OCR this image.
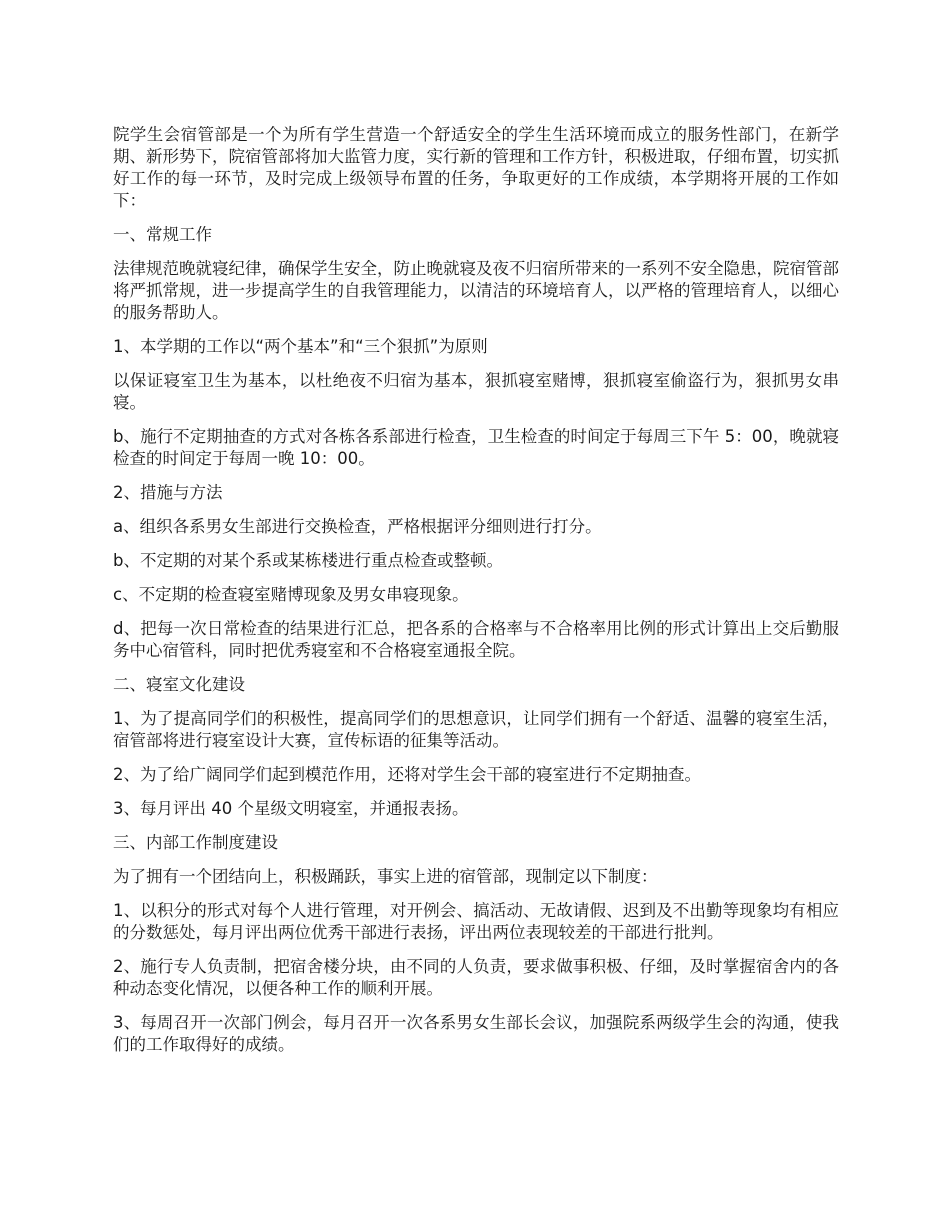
院学生会宿管部是一个为所有学生营造一个舒适安全的学生生活环境而成立的服务性部门，在新学期、新形势下，院宿管部将加大监管力度，实行新的管理和工作方针，积极进取，仔细布置，切实抓好工作的每一环节，及时完成上级领导布置的任务，争取更好的工作成绩，本学期将开展的工作如下：

一、常规工作

法律规范晚就寝纪律，确保学生安全，防止晚就寝及夜不归宿所带来的一系列不安全隐患，院宿管部将严抓常规，进一步提高学生的自我管理能力，以清洁的环境培育人，以严格的管理培育人，以细心的服务帮助人。

1、本学期的工作以“两个基本”和“三个狠抓”为原则

以保证寝室卫生为基本，以杜绝夜不归宿为基本，狠抓寝室赌博，狠抓寝室偷盗行为，狠抓男女串寝。

b、施行不定期抽查的方式对各栋各系部进行检查，卫生检查的时间定于每周三下午 5：00，晚就寝检查的时间定于每周一晚 10：00。

2、措施与方法

a、组织各系男女生部进行交换检查，严格根据评分细则进行打分。

b、不定期的对某个系或某栋楼进行重点检查或整顿。

c、不定期的检查寝室赌博现象及男女串寝现象。

d、把每一次日常检查的结果进行汇总，把各系的合格率与不合格率用比例的形式计算出上交后勤服务中心宿管科，同时把优秀寝室和不合格寝室通报全院。

二、寝室文化建设

1、为了提高同学们的积极性，提高同学们的思想意识，让同学们拥有一个舒适、温馨的寝室生活，宿管部将进行寝室设计大赛，宣传标语的征集等活动。

2、为了给广阔同学们起到模范作用，还将对学生会干部的寝室进行不定期抽查。

3、每月评出 40 个星级文明寝室，并通报表扬。

三、内部工作制度建设

为了拥有一个团结向上，积极踊跃，事实上进的宿管部，现制定以下制度：

1、以积分的形式对每个人进行管理，对开例会、搞活动、无故请假、迟到及不出勤等现象均有相应的分数惩处，每月评出两位优秀干部进行表扬，评出两位表现较差的干部进行批判。

2、施行专人负责制，把宿舍楼分块，由不同的人负责，要求做事积极、仔细，及时掌握宿舍内的各种动态变化情况，以便各种工作的顺利开展。

3、每周召开一次部门例会，每月召开一次各系男女生部长会议，加强院系两级学生会的沟通，使我们的工作取得好的成绩。
